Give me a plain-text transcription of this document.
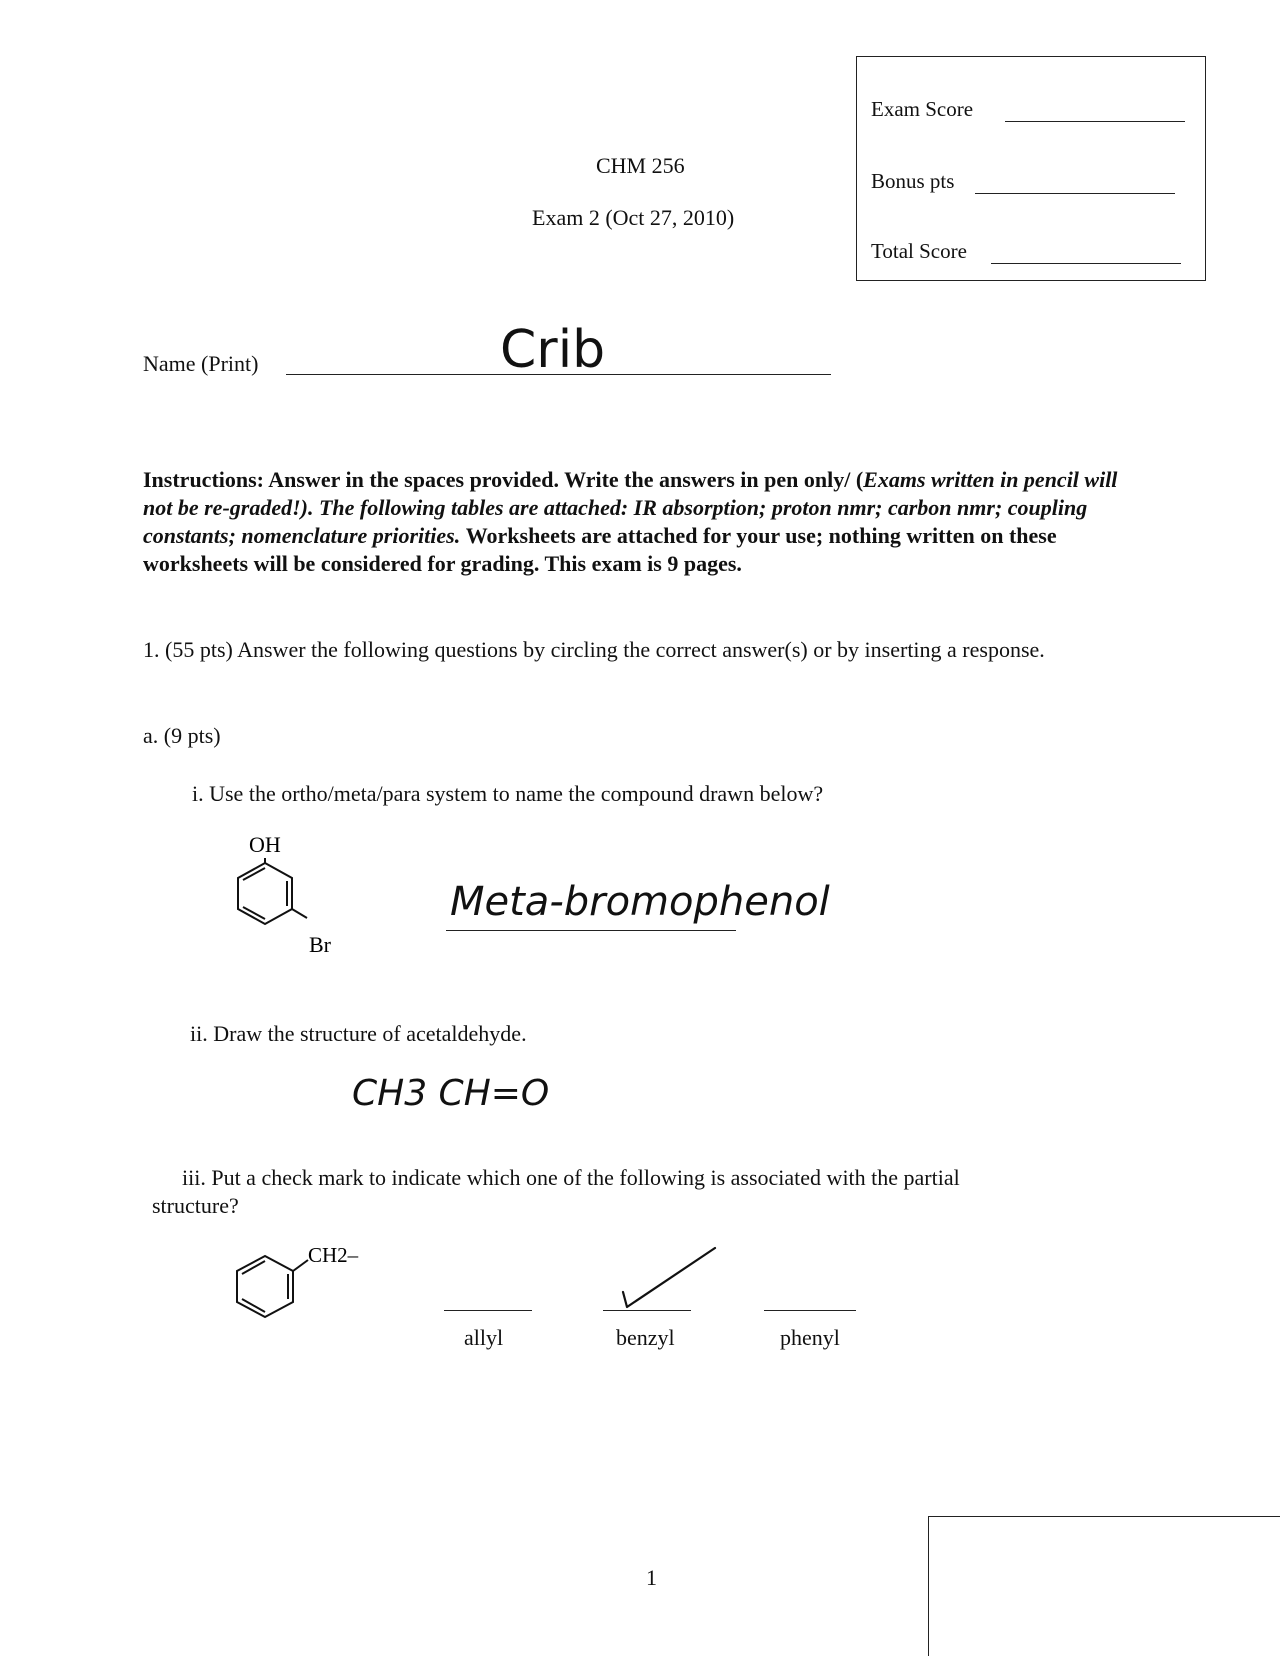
CHM 256
Exam 2 (Oct 27, 2010)
Exam Score
Bonus pts
Total Score
Name (Print)	Crib
Instructions: Answer in the spaces provided. Write the answers in pen only/ (Exams written in pencil will not be re-graded!). The following tables are attached: IR absorption; proton nmr; carbon nmr; coupling constants; nomenclature priorities. Worksheets are attached for your use; nothing written on these worksheets will be considered for grading. This exam is 9 pages.
1. (55 pts) Answer the following questions by circling the correct answer(s) or by inserting a response.
a. (9 pts)
i. Use the ortho/meta/para system to name the compound drawn below?
OH
Br
Meta-bromophenol
ii. Draw the structure of acetaldehyde.
CH3 CH=O
iii. Put a check mark to indicate which one of the following is associated with the partial
structure?
CH2–
allyl	benzyl	phenyl
1
